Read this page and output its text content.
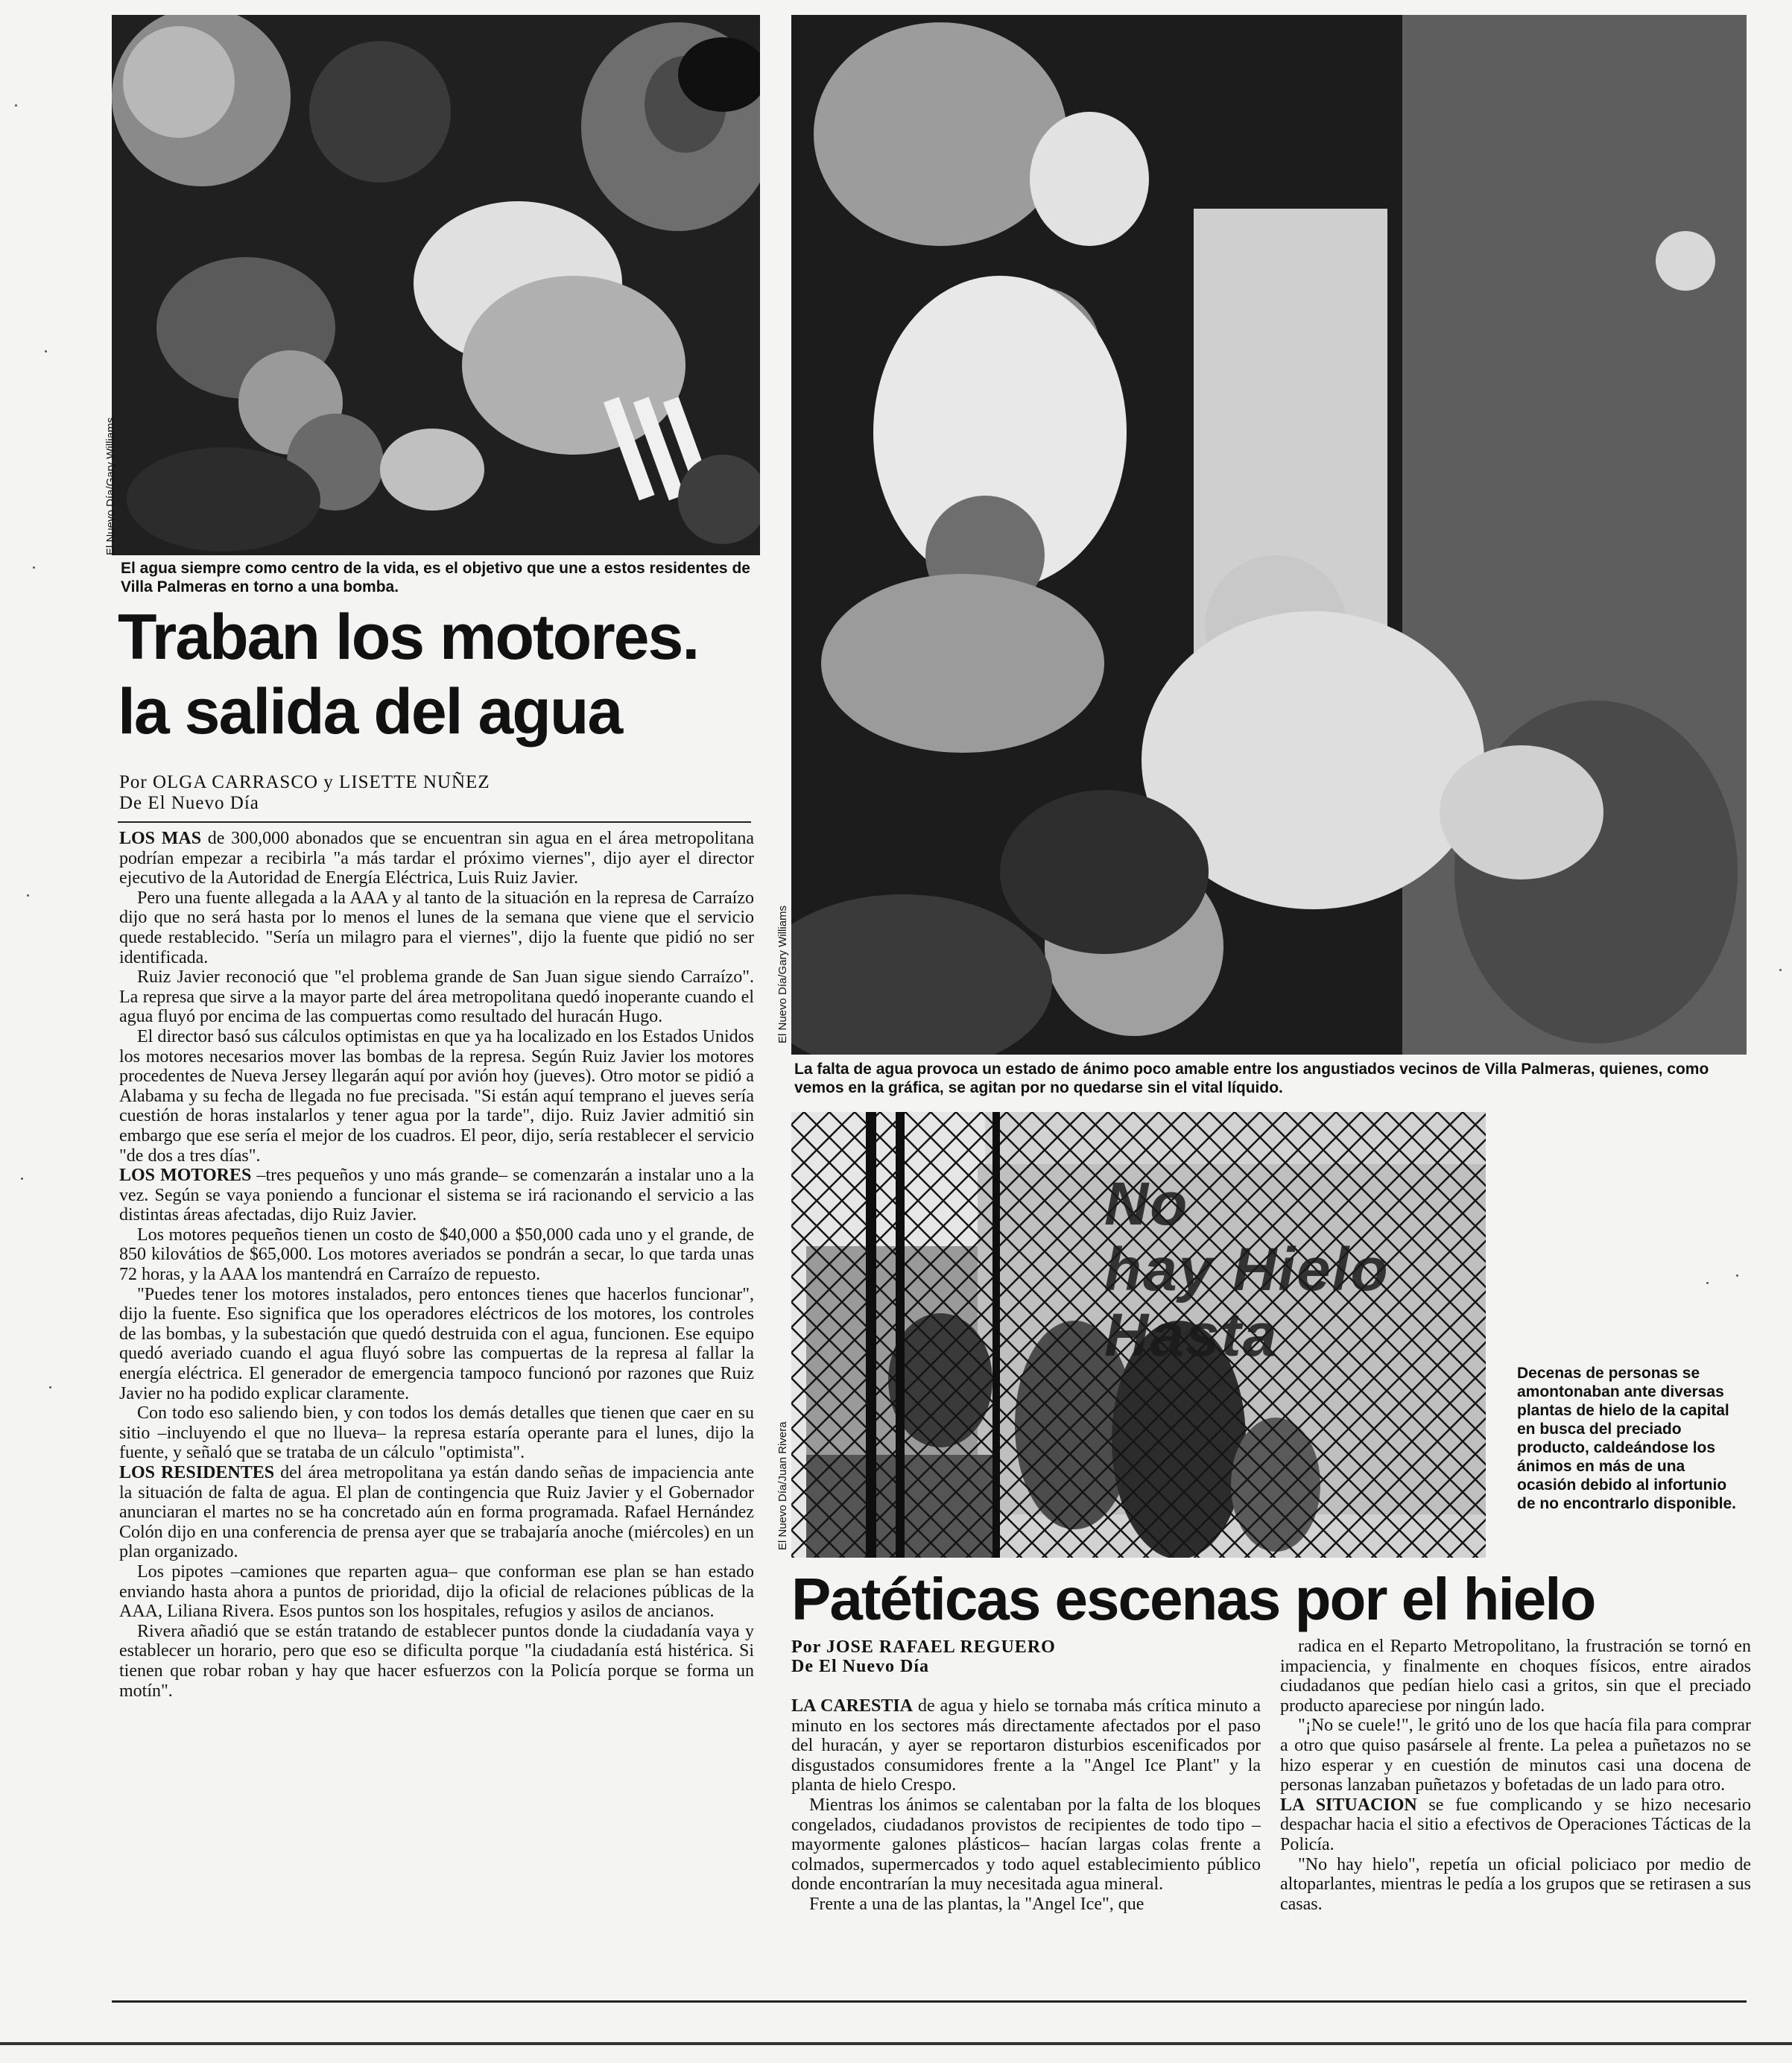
El Nuevo Día/Gary Williams
El agua siempre como centro de la vida, es el objetivo que une a estos residentes de Villa Palmeras en torno a una bomba.
El Nuevo Día/Gary Williams
La falta de agua provoca un estado de ánimo poco amable entre los angustiados vecinos de Villa Palmeras, quienes, como vemos en la gráfica, se agitan por no quedarse sin el vital líquido.
No
hay Hielo
Hasta
El Nuevo Día/Juan Rivera
Decenas de personas se amontonaban ante diversas plantas de hielo de la capital en busca del preciado producto, caldeándose los ánimos en más de una ocasión debido al infortunio de no encontrarlo disponible.
Traban los motores.
la salida del agua
Por OLGA CARRASCO y LISETTE NUÑEZ
De El Nuevo Día

LOS MAS de 300,000 abonados que se encuentran sin agua en el área metropolitana podrían empezar a recibirla "a más tardar el próximo viernes", dijo ayer el director ejecutivo de la Autoridad de Energía Eléctrica, Luis Ruiz Javier.

Pero una fuente allegada a la AAA y al tanto de la situación en la represa de Carraízo dijo que no será hasta por lo menos el lunes de la semana que viene que el servicio quede restablecido. "Sería un milagro para el viernes", dijo la fuente que pidió no ser identificada.

Ruiz Javier reconoció que "el problema grande de San Juan sigue siendo Carraízo". La represa que sirve a la mayor parte del área metropolitana quedó inoperante cuando el agua fluyó por encima de las compuertas como resultado del huracán Hugo.

El director basó sus cálculos optimistas en que ya ha localizado en los Estados Unidos los motores necesarios mover las bombas de la represa. Según Ruiz Javier los motores procedentes de Nueva Jersey llegarán aquí por avión hoy (jueves). Otro motor se pidió a Alabama y su fecha de llegada no fue precisada. "Si están aquí temprano el jueves sería cuestión de horas instalarlos y tener agua por la tarde", dijo. Ruiz Javier admitió sin embargo que ese sería el mejor de los cuadros. El peor, dijo, sería restablecer el servicio "de dos a tres días".

LOS MOTORES –tres pequeños y uno más grande– se comenzarán a instalar uno a la vez. Según se vaya poniendo a funcionar el sistema se irá racionando el servicio a las distintas áreas afectadas, dijo Ruiz Javier.

Los motores pequeños tienen un costo de $40,000 a $50,000 cada uno y el grande, de 850 kilovátios de $65,000. Los motores averiados se pondrán a secar, lo que tarda unas 72 horas, y la AAA los mantendrá en Carraízo de repuesto.

"Puedes tener los motores instalados, pero entonces tienes que hacerlos funcionar", dijo la fuente. Eso significa que los operadores eléctricos de los motores, los controles de las bombas, y la subestación que quedó destruida con el agua, funcionen. Ese equipo quedó averiado cuando el agua fluyó sobre las compuertas de la represa al fallar la energía eléctrica. El generador de emergencia tampoco funcionó por razones que Ruiz Javier no ha podido explicar claramente.

Con todo eso saliendo bien, y con todos los demás detalles que tienen que caer en su sitio –incluyendo el que no llueva– la represa estaría operante para el lunes, dijo la fuente, y señaló que se trataba de un cálculo "optimista".

LOS RESIDENTES del área metropolitana ya están dando señas de impaciencia ante la situación de falta de agua. El plan de contingencia que Ruiz Javier y el Gobernador anunciaran el martes no se ha concretado aún en forma programada. Rafael Hernández Colón dijo en una conferencia de prensa ayer que se trabajaría anoche (miércoles) en un plan organizado.

Los pipotes –camiones que reparten agua– que conforman ese plan se han estado enviando hasta ahora a puntos de prioridad, dijo la oficial de relaciones públicas de la AAA, Liliana Rivera. Esos puntos son los hospitales, refugios y asilos de ancianos.

Rivera añadió que se están tratando de establecer puntos donde la ciudadanía vaya y establecer un horario, pero que eso se dificulta porque "la ciudadanía está histérica. Si tienen que robar roban y hay que hacer esfuerzos con la Policía porque se forma un motín".

Patéticas escenas por el hielo
Por JOSE RAFAEL REGUERO
De El Nuevo Día

LA CARESTIA de agua y hielo se tornaba más crítica minuto a minuto en los sectores más directamente afectados por el paso del huracán, y ayer se reportaron disturbios escenificados por disgustados consumidores frente a la "Angel Ice Plant" y la planta de hielo Crespo.

Mientras los ánimos se calentaban por la falta de los bloques congelados, ciudadanos provistos de recipientes de todo tipo –mayormente galones plásticos– hacían largas colas frente a colmados, supermercados y todo aquel establecimiento público donde encontrarían la muy necesitada agua mineral.

Frente a una de las plantas, la "Angel Ice", que

radica en el Reparto Metropolitano, la frustración se tornó en impaciencia, y finalmente en choques físicos, entre airados ciudadanos que pedían hielo casi a gritos, sin que el preciado producto apareciese por ningún lado.

"¡No se cuele!", le gritó uno de los que hacía fila para comprar a otro que quiso pasársele al frente. La pelea a puñetazos no se hizo esperar y en cuestión de minutos casi una docena de personas lanzaban puñetazos y bofetadas de un lado para otro.

LA SITUACION se fue complicando y se hizo necesario despachar hacia el sitio a efectivos de Operaciones Tácticas de la Policía.

"No hay hielo", repetía un oficial policiaco por medio de altoparlantes, mientras le pedía a los grupos que se retirasen a sus casas.
